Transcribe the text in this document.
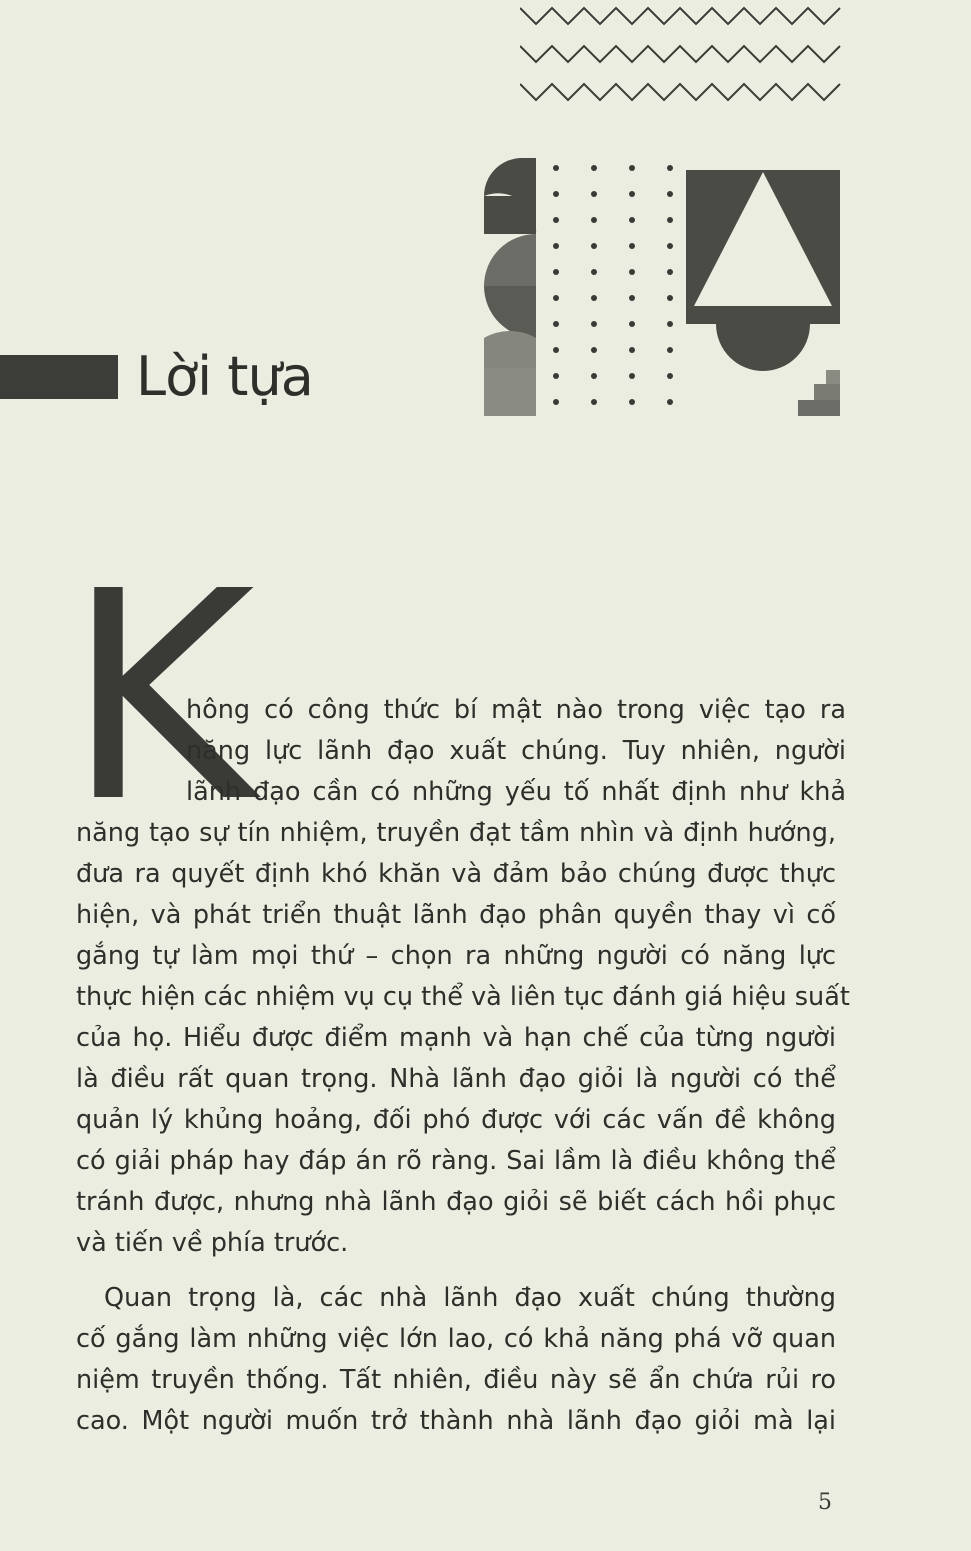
Lời tựa
K
hông có công thức bí mật nào trong việc tạo ra
năng lực lãnh đạo xuất chúng. Tuy nhiên, người
lãnh đạo cần có những yếu tố nhất định như khả
năng tạo sự tín nhiệm, truyền đạt tầm nhìn và định hướng,
đưa ra quyết định khó khăn và đảm bảo chúng được thực
hiện, và phát triển thuật lãnh đạo phân quyền thay vì cố
gắng tự làm mọi thứ – chọn ra những người có năng lực
thực hiện các nhiệm vụ cụ thể và liên tục đánh giá hiệu suất
của họ. Hiểu được điểm mạnh và hạn chế của từng người
là điều rất quan trọng. Nhà lãnh đạo giỏi là người có thể
quản lý khủng hoảng, đối phó được với các vấn đề không
có giải pháp hay đáp án rõ ràng. Sai lầm là điều không thể
tránh được, nhưng nhà lãnh đạo giỏi sẽ biết cách hồi phục
và tiến về phía trước.
Quan trọng là, các nhà lãnh đạo xuất chúng thường
cố gắng làm những việc lớn lao, có khả năng phá vỡ quan
niệm truyền thống. Tất nhiên, điều này sẽ ẩn chứa rủi ro
cao. Một người muốn trở thành nhà lãnh đạo giỏi mà lại
5
